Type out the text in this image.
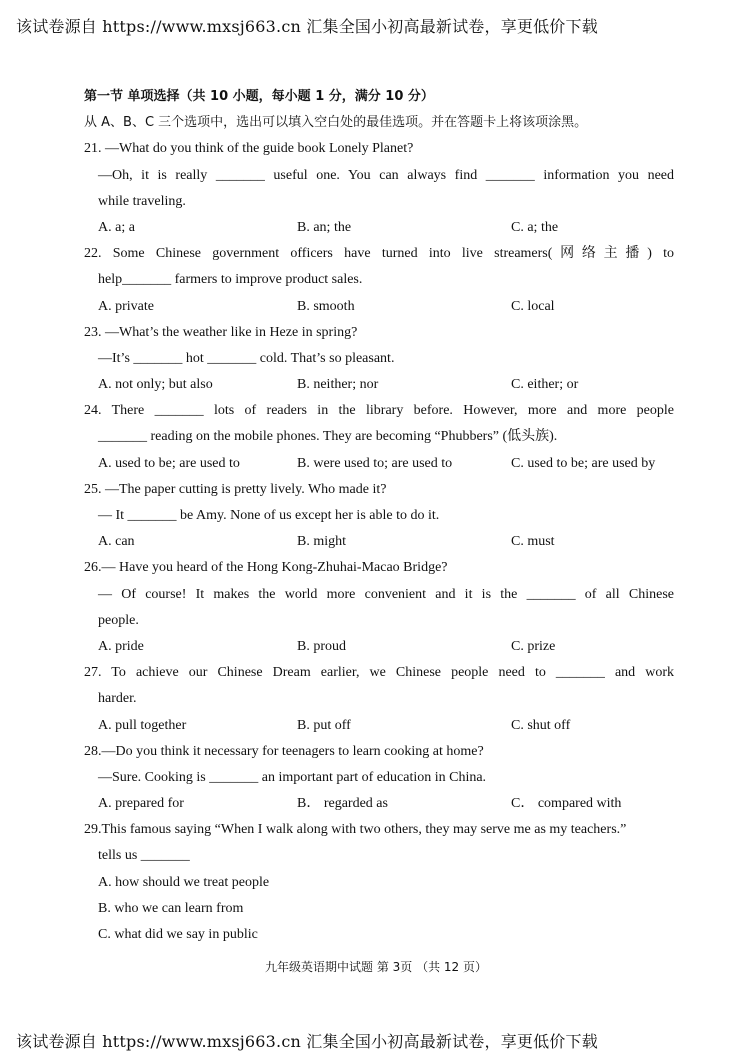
该试卷源自 https://www.mxsj663.cn 汇集全国小初高最新试卷，享更低价下载
第一节 单项选择（共 10 小题，每小题 1 分，满分 10 分）
从 A、B、C 三个选项中，选出可以填入空白处的最佳选项。并在答题卡上将该项涂黑。
21. —What do you think of the guide book Lonely Planet?
—Oh, it is really _______ useful one. You can always find _______ information you need
while traveling.
A. a; a	B. an; the	C. a; the
22. Some Chinese government officers have turned into live streamers(网络主播) to
help_______ farmers to improve product sales.
A. private	B. smooth	C. local
23. —What’s the weather like in Heze in spring?
—It’s _______ hot _______ cold. That’s so pleasant.
A. not only; but also	B. neither; nor	C. either; or
24. There _______ lots of readers in the library before. However, more and more people
_______ reading on the mobile phones. They are becoming “Phubbers” (低头族).
A. used to be; are used to	B. were used to; are used to	C. used to be; are used by
25. —The paper cutting is pretty lively. Who made it?
— It _______ be Amy. None of us except her is able to do it.
A. can	B. might	C. must
26.— Have you heard of the Hong Kong-Zhuhai-Macao Bridge?
— Of course! It makes the world more convenient and it is the _______ of all Chinese
people.
A. pride	B. proud	C. prize
27. To achieve our Chinese Dream earlier, we Chinese people need to _______ and work
harder.
A. pull together	B. put off	C. shut off
28.—Do you think it necessary for teenagers to learn cooking at home?
—Sure. Cooking is _______ an important part of education in China.
A. prepared for	B． regarded as	C． compared with
29.This famous saying “When I walk along with two others, they may serve me as my teachers.”
tells us _______
A. how should we treat people
B. who we can learn from
C. what did we say in public
九年级英语期中试题 第 3页 （共 12 页）
该试卷源自 https://www.mxsj663.cn 汇集全国小初高最新试卷，享更低价下载
